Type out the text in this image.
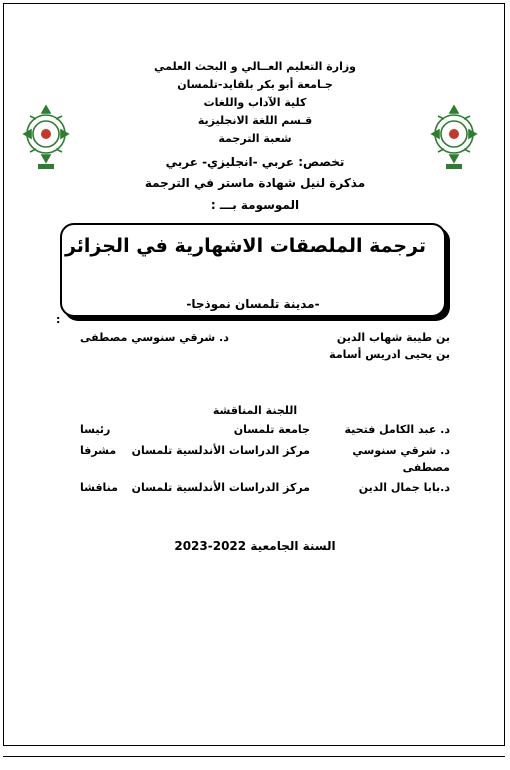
وزارة التعليم العــالي و البحث العلمي
جـامعة أبو بكر بلقايد-تلمسان
كلية الآداب واللغات
قـسم اللغة الانجليزية
شعبة الترجمة
تخصص: عربي -انجليزي- عربي
مذكرة لنيل شهادة ماستر في الترجمة
الموسومة بـــ :
ترجمة الملصقات الاشهارية في الجزائر
-مدينة تلمسان نموذجا-
:
بن طيبة شهاب الدين
د. شرقي سنوسي مصطفى
بن يحيى ادريس أسامة
اللجنة المناقشة
د. عبد الكامل فتحية
جامعة تلمسان
رئيسا
د. شرقي سنوسي
مركز الدراسات الأندلسية تلمسان
مشرفا
مصطفى
د.بابا جمال الدين
مركز الدراسات الأندلسية تلمسان
مناقشا
السنة الجامعية 2022-2023
